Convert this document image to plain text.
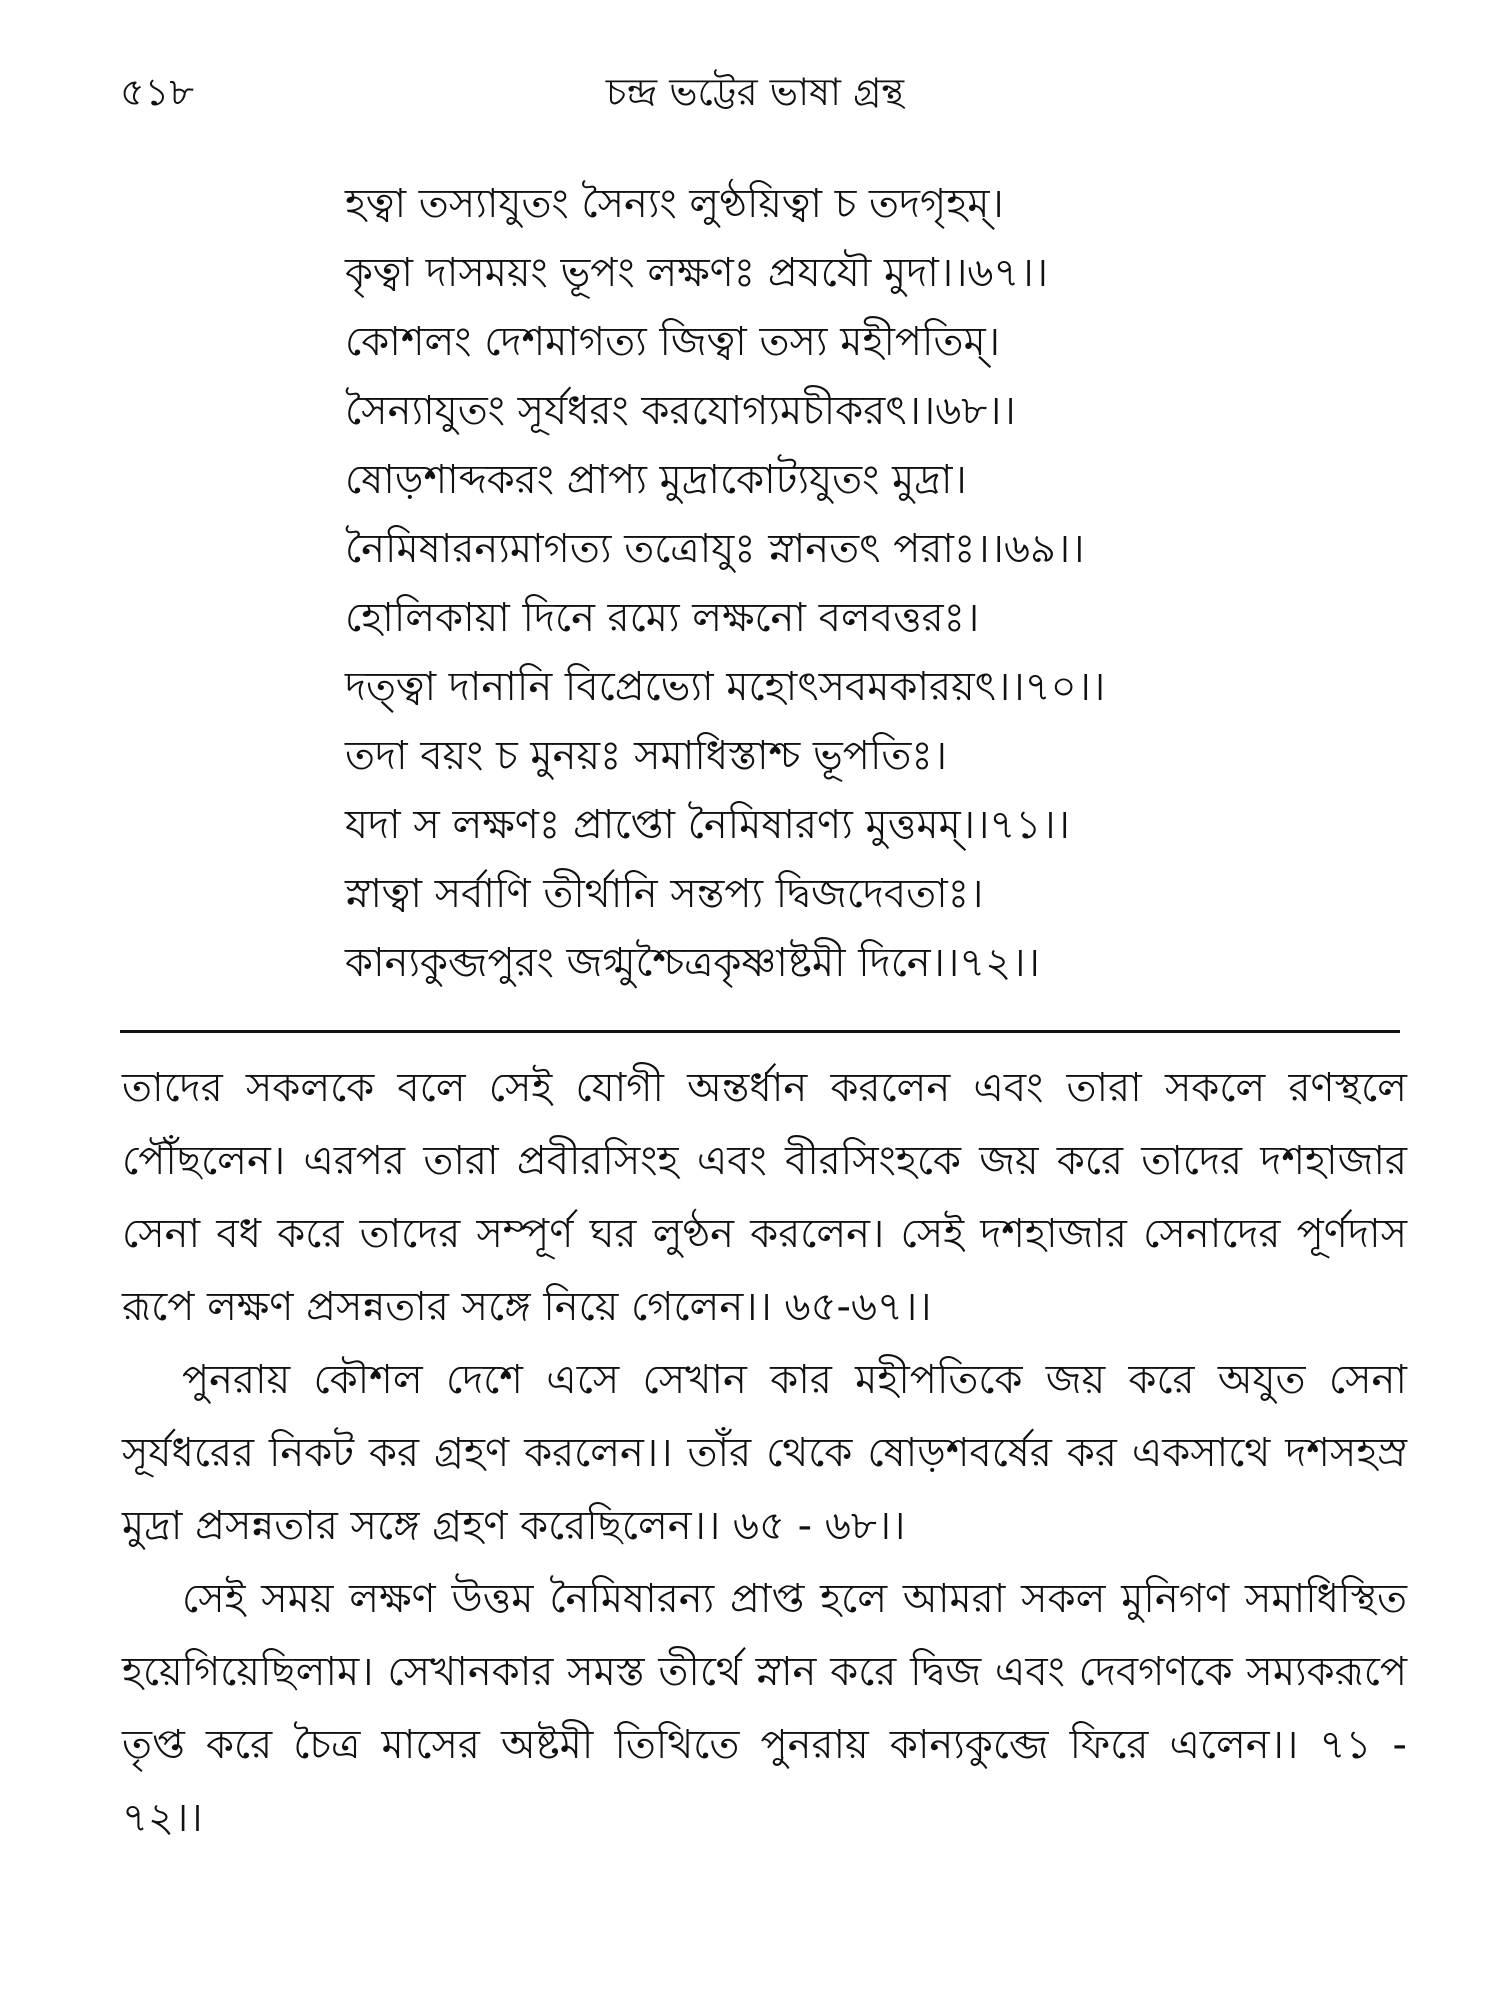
চন্দ্র ভট্টের ভাষা গ্রন্থ
৫১৮
হত্বা তস্যাযুতং সৈন্যং লুণ্ঠয়িত্বা চ তদগৃহম্।
কৃত্বা দাসময়ং ভূপং লক্ষণঃ প্রযযৌ মুদা।।৬৭।।
কোশলং দেশমাগত্য জিত্বা তস্য মহীপতিম্।
সৈন্যাযুতং সূর্যধরং করযোগ্যমচীকরৎ।।৬৮।।
ষোড়শাব্দকরং প্রাপ্য মুদ্রাকোট্যযুতং মুদ্রা।
নৈমিষারন্যমাগত্য তত্রোযুঃ স্নানতৎ পরাঃ।।৬৯।।
হোলিকায়া দিনে রম্যে লক্ষনো বলবত্তরঃ।
দত্ত্বা দানানি বিপ্রেভ্যো মহোৎসবমকারয়ৎ।।৭০।।
তদা বয়ং চ মুনয়ঃ সমাধিস্তাশ্চ ভূপতিঃ।
যদা স লক্ষণঃ প্রাপ্তো নৈমিষারণ্য মুত্তমম্।।৭১।।
স্নাত্বা সর্বাণি তীর্থানি সন্তপ্য দ্বিজদেবতাঃ।
কান্যকুব্জপুরং জগ্মুশ্চৈত্রকৃষ্ণাষ্টমী দিনে।।৭২।।

তাদের সকলকে বলে সেই যোগী অন্তর্ধান করলেন এবং তারা সকলে রণস্থলে পৌঁছলেন। এরপর তারা প্রবীরসিংহ এবং বীরসিংহকে জয় করে তাদের দশহাজার সেনা বধ করে তাদের সম্পূর্ণ ঘর লুণ্ঠন করলেন। সেই দশহাজার সেনাদের পূর্ণদাস রূপে লক্ষণ প্রসন্নতার সঙ্গে নিয়ে গেলেন।। ৬৫-৬৭।।

পুনরায় কৌশল দেশে এসে সেখান কার মহীপতিকে জয় করে অযুত সেনা সূর্যধরের নিকট কর গ্রহণ করলেন।। তাঁর থেকে ষোড়শবর্ষের কর একসাথে দশসহস্র মুদ্রা প্রসন্নতার সঙ্গে গ্রহণ করেছিলেন।। ৬৫ - ৬৮।।

সেই সময় লক্ষণ উত্তম নৈমিষারন্য প্রাপ্ত হলে আমরা সকল মুনিগণ সমাধিস্থিত হয়েগিয়েছিলাম। সেখানকার সমস্ত তীর্থে স্নান করে দ্বিজ এবং দেবগণকে সম্যকরূপে তৃপ্ত করে চৈত্র মাসের অষ্টমী তিথিতে পুনরায় কান্যকুব্জে ফিরে এলেন।। ৭১ - ৭২।।
